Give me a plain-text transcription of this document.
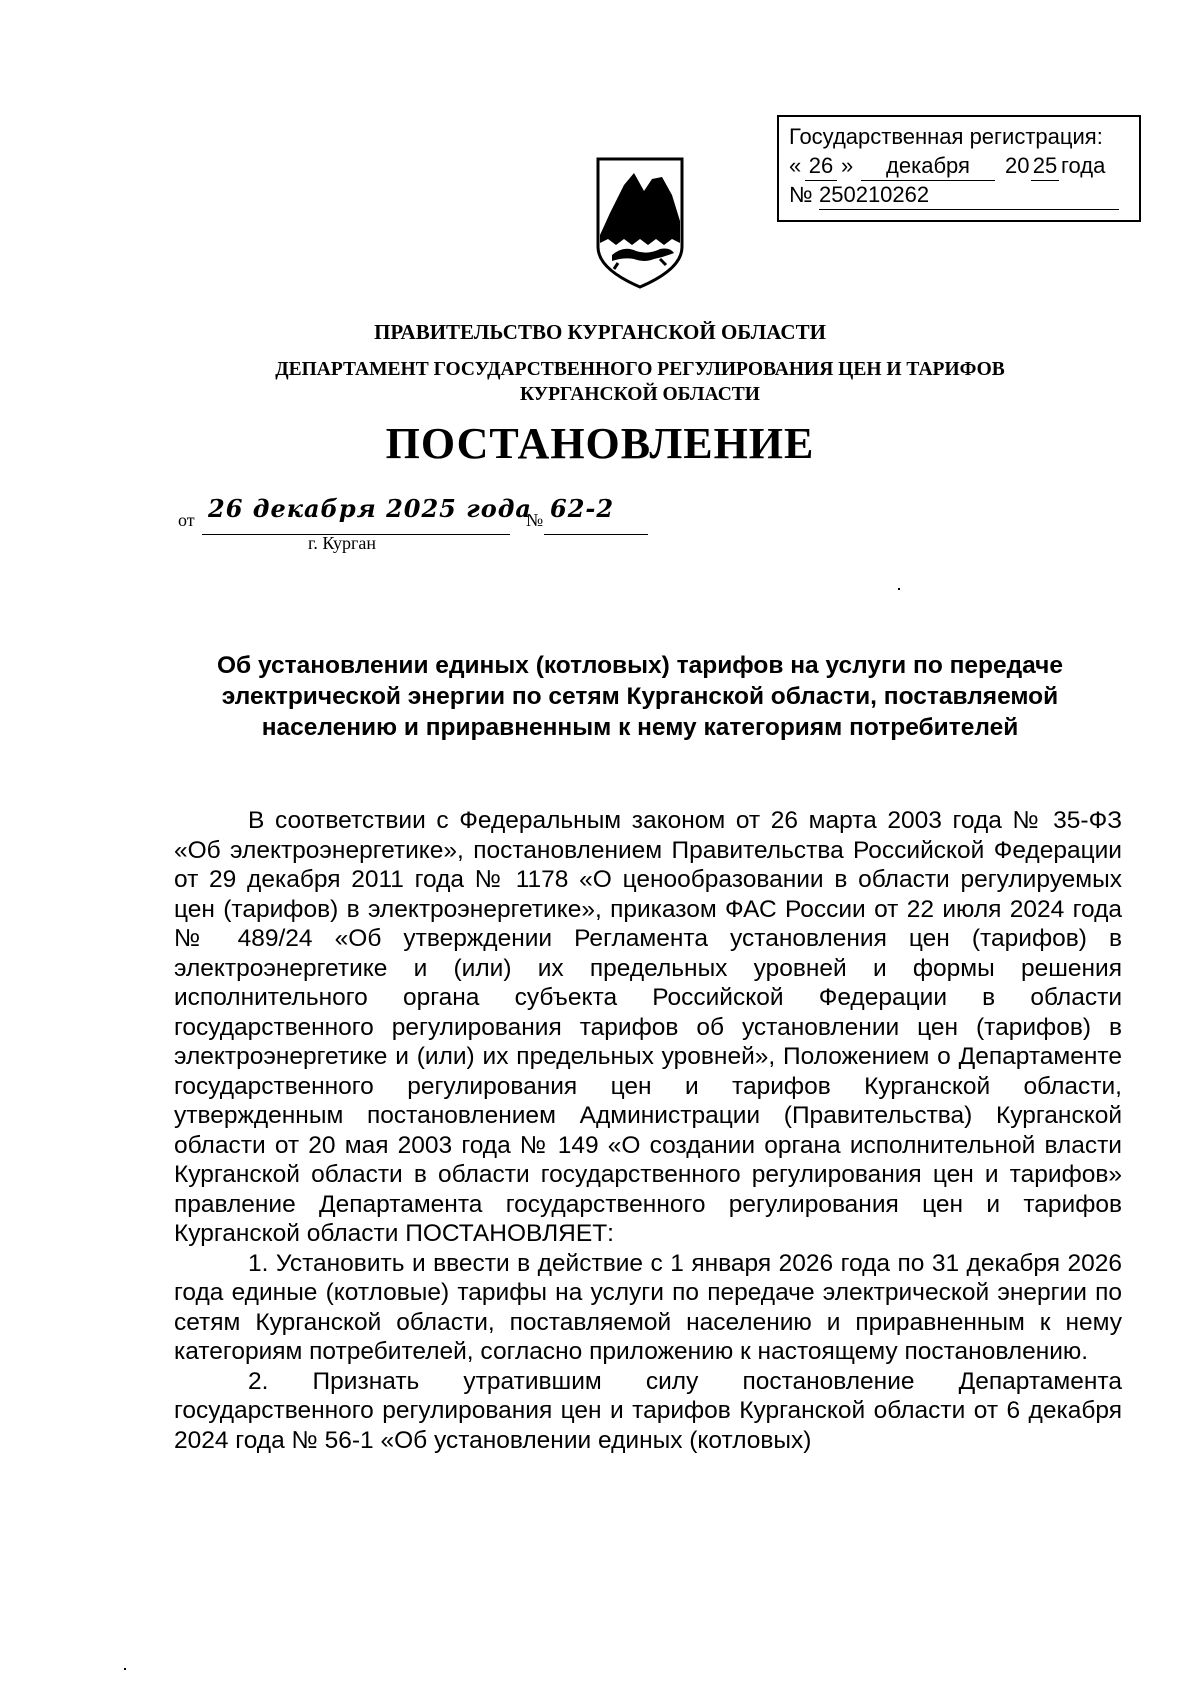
Государственная регистрация:
« 26 »	декабря	20 25 года
№ 250210262
ПРАВИТЕЛЬСТВО КУРГАНСКОЙ ОБЛАСТИ
ДЕПАРТАМЕНТ ГОСУДАРСТВЕННОГО РЕГУЛИРОВАНИЯ ЦЕН И ТАРИФОВ КУРГАНСКОЙ ОБЛАСТИ
ПОСТАНОВЛЕНИЕ
от 26 декабря 2025 года
№ 62-2
г. Курган
Об установлении единых (котловых) тарифов на услуги по передаче электрической энергии по сетям Курганской области, поставляемой населению и приравненным к нему категориям потребителей

В соответствии с Федеральным законом от 26 марта 2003 года № 35-ФЗ «Об электроэнергетике», постановлением Правительства Российской Федерации от 29 декабря 2011 года № 1178 «О ценообразовании в области регулируемых цен (тарифов) в электроэнергетике», приказом ФАС России от 22 июля 2024 года № 489/24 «Об утверждении Регламента установления цен (тарифов) в электроэнергетике и (или) их предельных уровней и формы решения исполнительного органа субъекта Российской Федерации в области государственного регулирования тарифов об установлении цен (тарифов) в электроэнергетике и (или) их предельных уровней», Положением о Департаменте государственного регулирования цен и тарифов Курганской области, утвержденным постановлением Администрации (Правительства) Курганской области от 20 мая 2003 года № 149 «О создании органа исполнительной власти Курганской области в области государственного регулирования цен и тарифов» правление Департамента государственного регулирования цен и тарифов Курганской области ПОСТАНОВЛЯЕТ:

1. Установить и ввести в действие с 1 января 2026 года по 31 декабря 2026 года единые (котловые) тарифы на услуги по передаче электрической энергии по сетям Курганской области, поставляемой населению и приравненным к нему категориям потребителей, согласно приложению к настоящему постановлению.

2. Признать утратившим силу постановление Департамента государственного регулирования цен и тарифов Курганской области от 6 декабря 2024 года № 56-1 «Об установлении единых (котловых)
